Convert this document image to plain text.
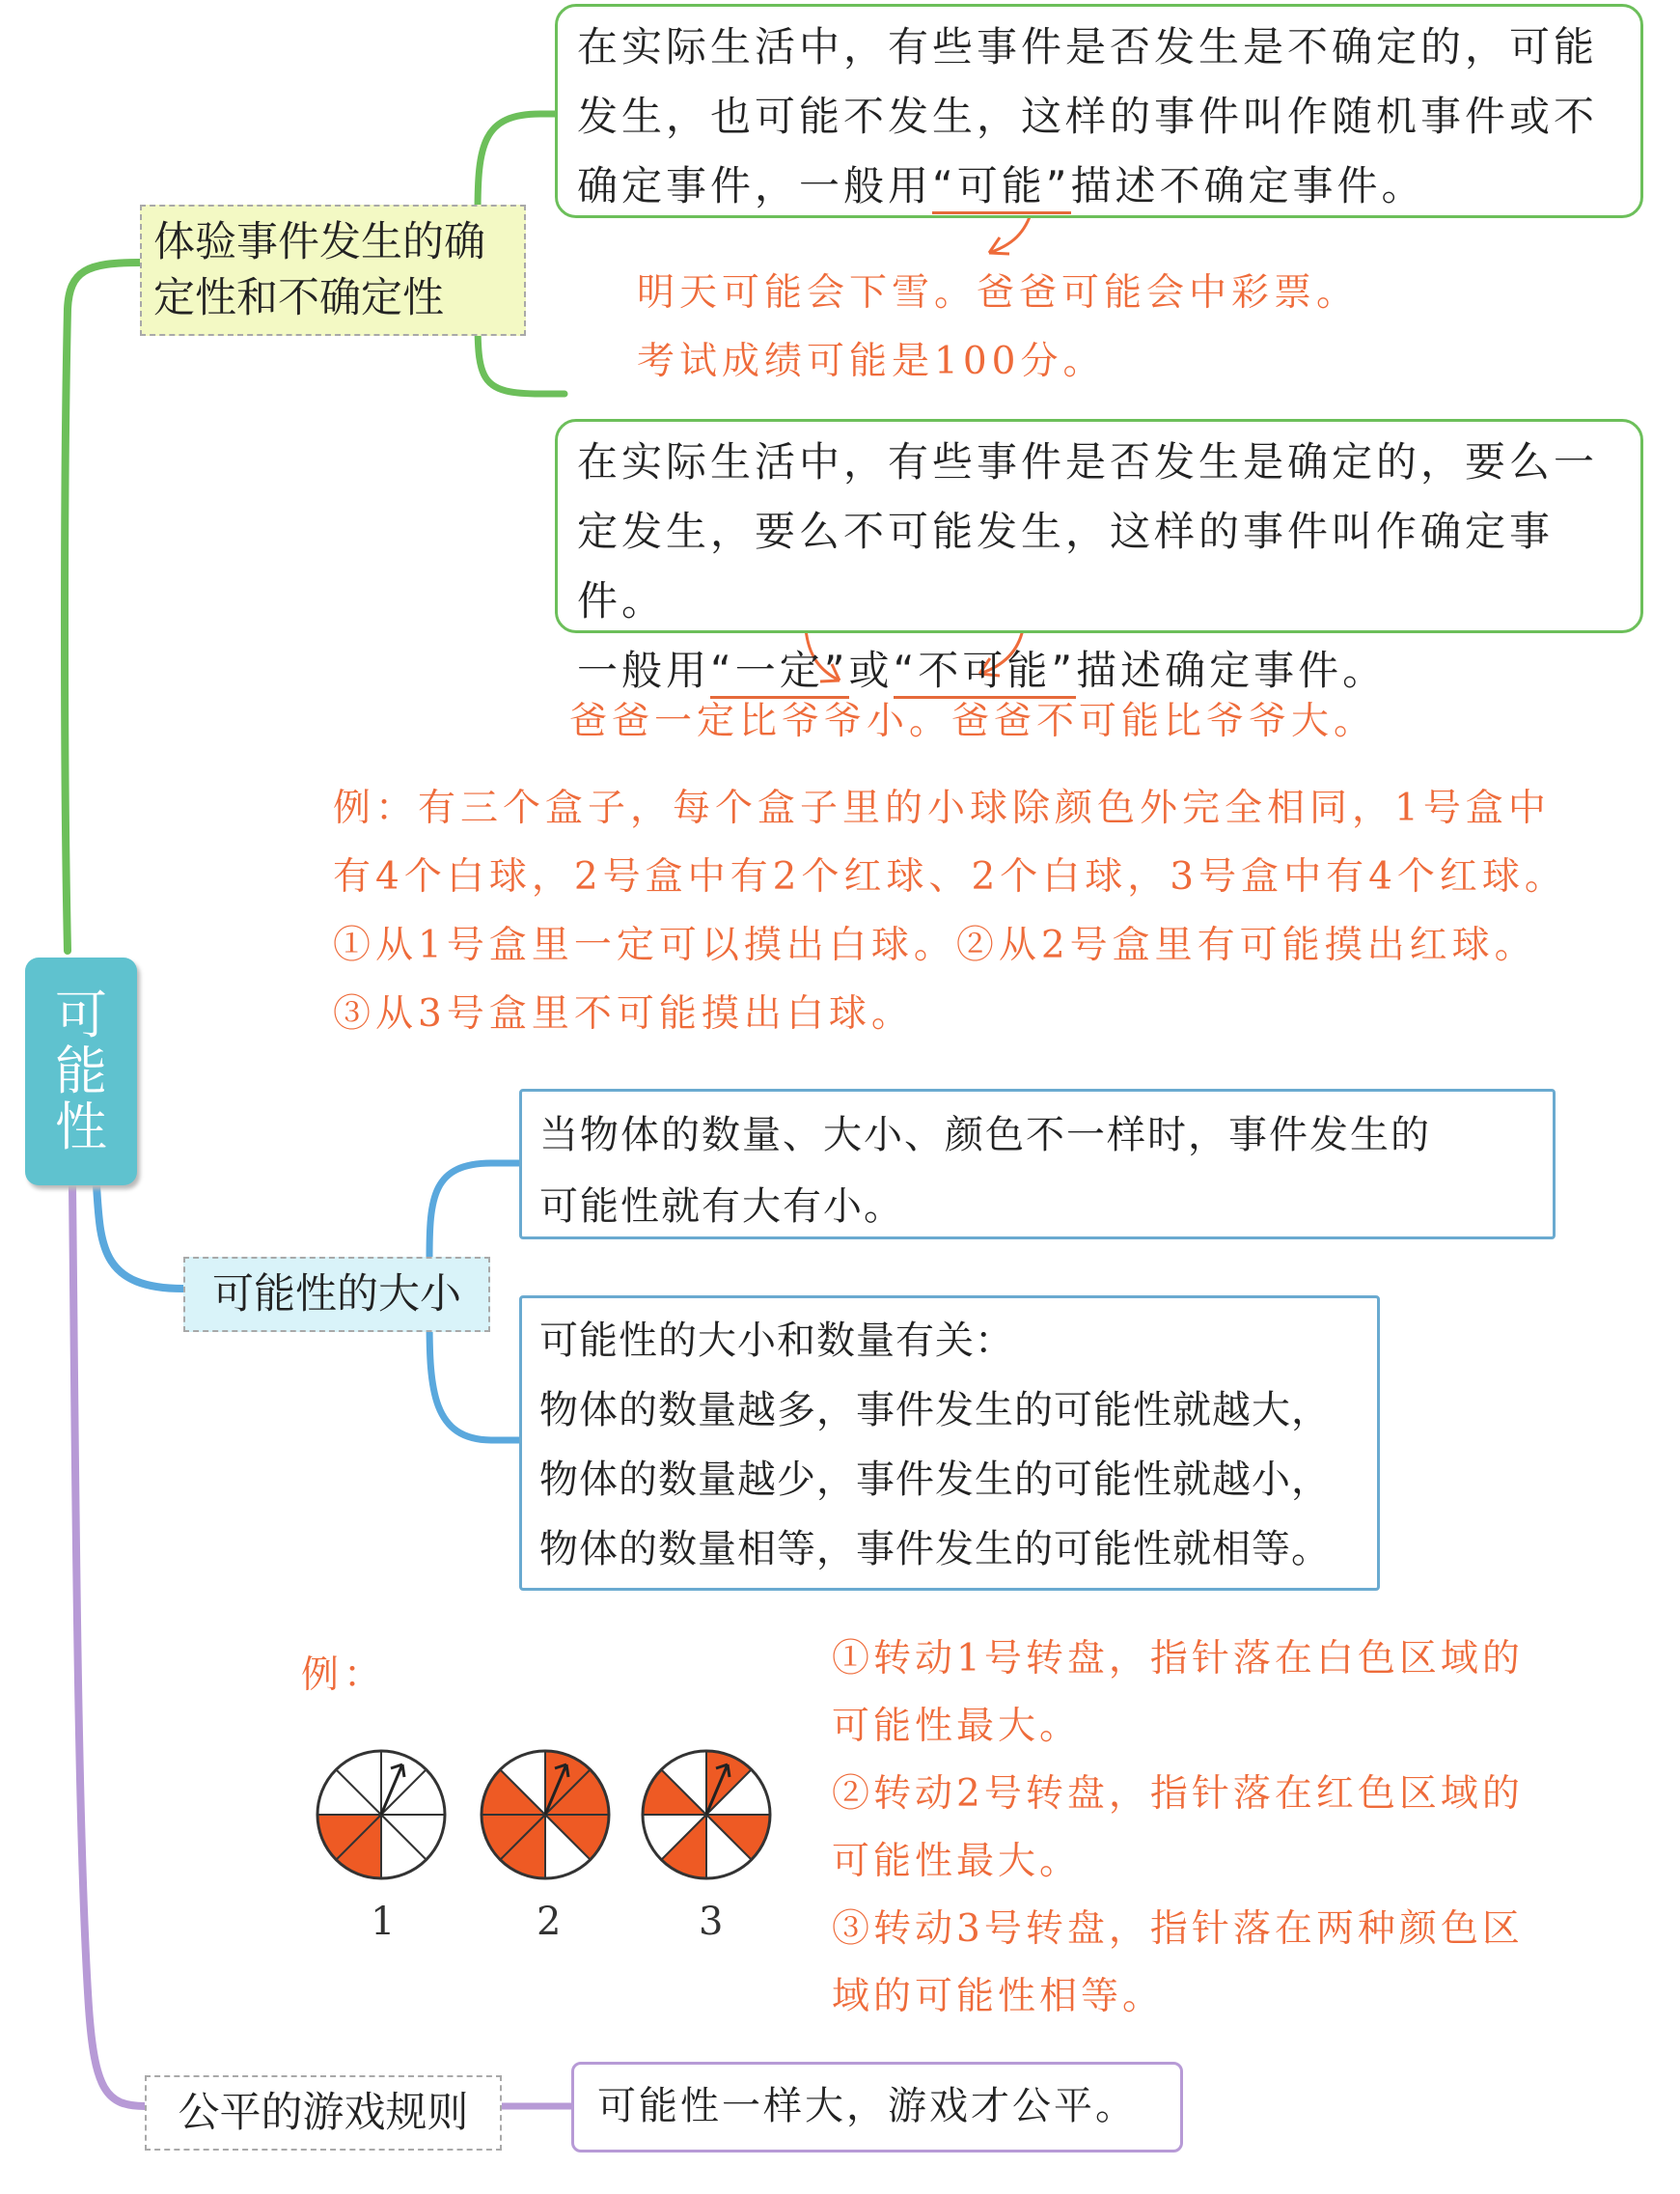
可
能
性
体验事件发生的确定性和不确定性
在实际生活中，有些事件是否发生是不确定的，可能
发生，也可能不发生，这样的事件叫作随机事件或不
确定事件，一般用“可能”描述不确定事件。
明天可能会下雪。爸爸可能会中彩票。
考试成绩可能是100分。
在实际生活中，有些事件是否发生是确定的，要么一
定发生，要么不可能发生，这样的事件叫作确定事件。
一般用“一定”或“不可能”描述确定事件。
爸爸一定比爷爷小。爸爸不可能比爷爷大。
例：有三个盒子，每个盒子里的小球除颜色外完全相同，1号盒中
有4个白球，2号盒中有2个红球、2个白球，3号盒中有4个红球。
①从1号盒里一定可以摸出白球。②从2号盒里有可能摸出红球。
③从3号盒里不可能摸出白球。
可能性的大小
当物体的数量、大小、颜色不一样时，事件发生的
可能性就有大有小。
可能性的大小和数量有关：
物体的数量越多，事件发生的可能性就越大，
物体的数量越少，事件发生的可能性就越小，
物体的数量相等，事件发生的可能性就相等。
例：
1	2	3
①转动1号转盘，指针落在白色区域的
可能性最大。
②转动2号转盘，指针落在红色区域的
可能性最大。
③转动3号转盘，指针落在两种颜色区
域的可能性相等。
公平的游戏规则	可能性一样大，游戏才公平。
